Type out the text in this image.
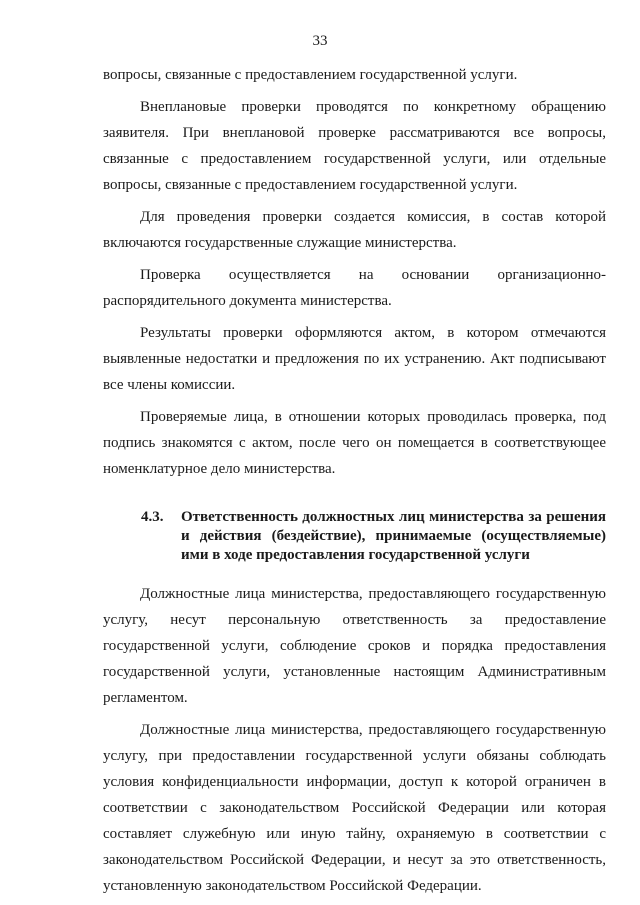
33

вопросы, связанные с предоставлением государственной услуги.

Внеплановые проверки проводятся по конкретному обращению заявителя. При внеплановой проверке рассматриваются все вопросы, связанные с предоставлением государственной услуги, или отдельные вопросы, связанные с предоставлением государственной услуги.

Для проведения проверки создается комиссия, в состав которой включаются государственные служащие министерства.

Проверка осуществляется на основании организационно-распорядительного документа министерства.

Результаты проверки оформляются актом, в котором отмечаются выявленные недостатки и предложения по их устранению. Акт подписывают все члены комиссии.

Проверяемые лица, в отношении которых проводилась проверка, под подпись знакомятся с актом, после чего он помещается в соответствующее номенклатурное дело министерства.

4.3.	Ответственность должностных лиц министерства за решения и действия (бездействие), принимаемые (осуществляемые) ими в ходе предоставления государственной услуги

Должностные лица министерства, предоставляющего государственную услугу, несут персональную ответственность за предоставление государственной услуги, соблюдение сроков и порядка предоставления государственной услуги, установленные настоящим Административным регламентом.

Должностные лица министерства, предоставляющего государственную услугу, при предоставлении государственной услуги обязаны соблюдать условия конфиденциальности информации, доступ к которой ограничен в соответствии с законодательством Российской Федерации или которая составляет служебную или иную тайну, охраняемую в соответствии с законодательством Российской Федерации, и несут за это ответственность, установленную законодательством Российской Федерации.
